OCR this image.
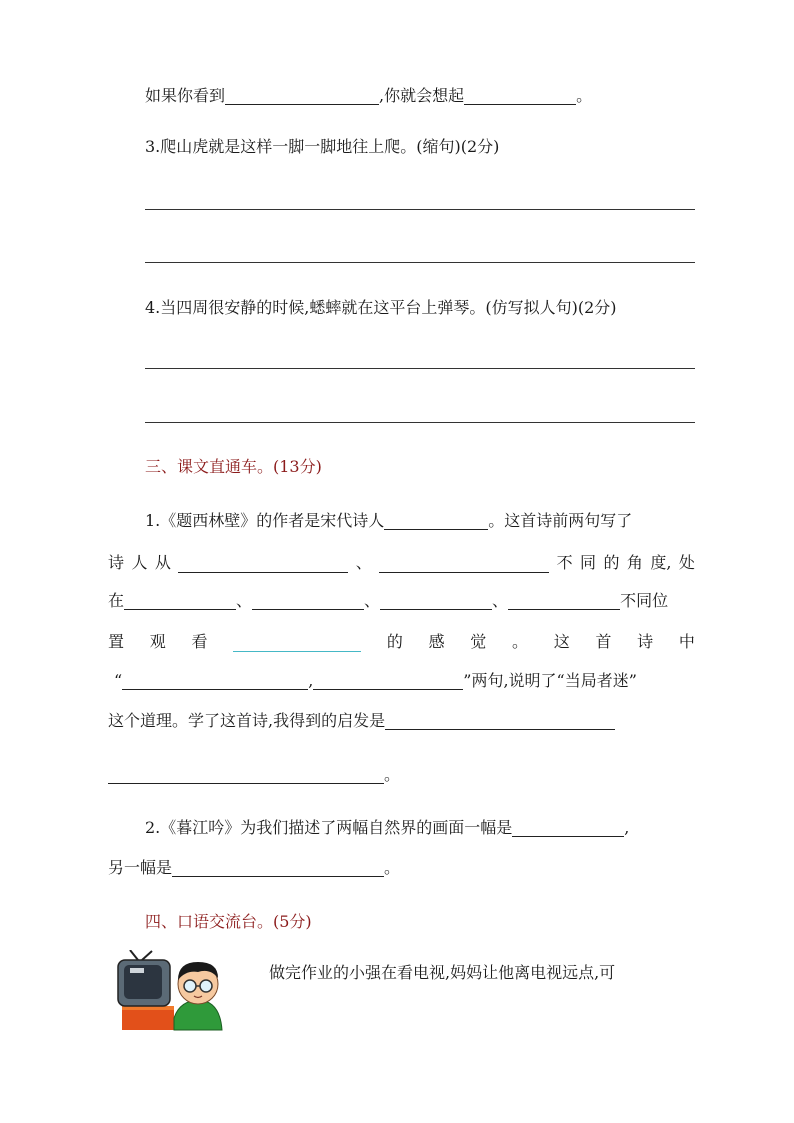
如果你看到	,你就会想起	。
3.爬山虎就是这样一脚一脚地往上爬。(缩句)(2分)
4.当四周很安静的时候,蟋蟀就在这平台上弹琴。(仿写拟人句)(2分)
三、课文直通车。(13分)
1.《题西林壁》的作者是宋代诗人	。这首诗前两句写了
诗 人 从	、	不 同 的 角 度, 处
在	、	、	、	不同位
置 观 看	的 感 觉 。 这 首 诗 中
“	,	”两句,说明了“当局者迷”
这个道理。学了这首诗,我得到的启发是
。
2.《暮江吟》为我们描述了两幅自然界的画面一幅是	,
另一幅是	。
四、口语交流台。(5分)
做完作业的小强在看电视,妈妈让他离电视远点,可
